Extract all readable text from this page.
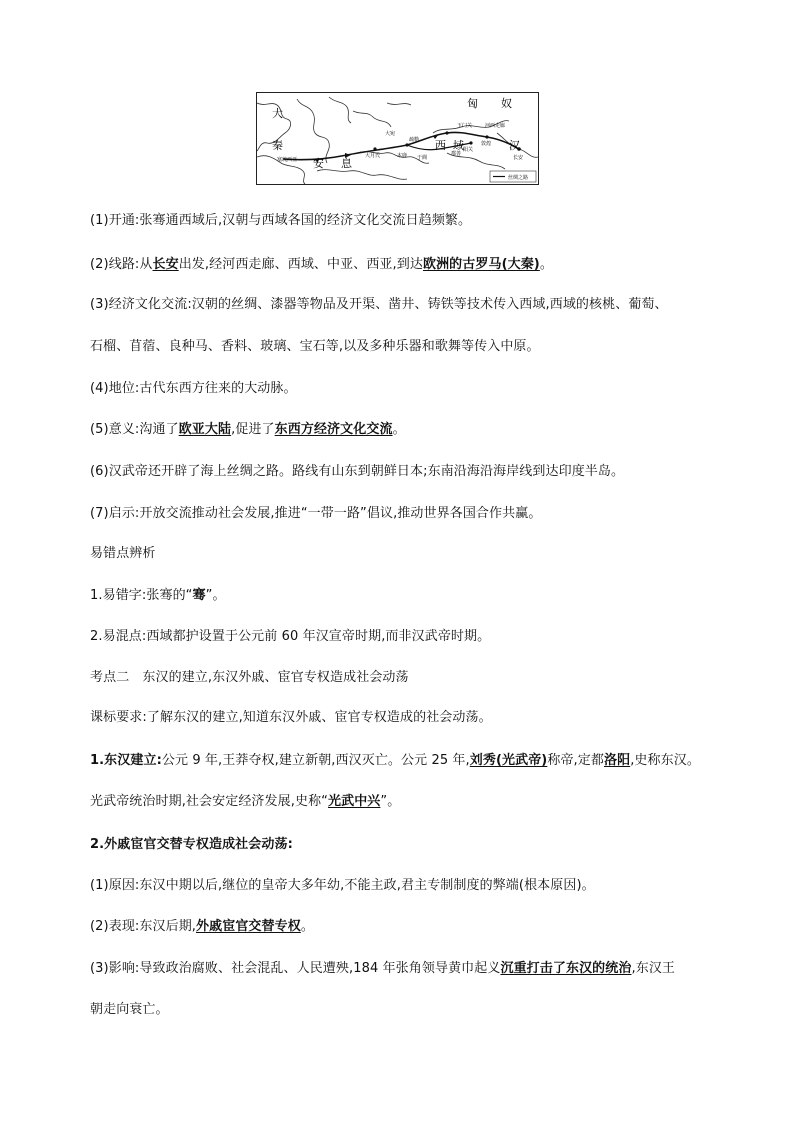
大
秦
安 息
匈 奴
西 域	汉
大宛
疏勒
于阗
玉门关	河西走廊
敦煌
阳关
鄯善
长安
大月氏	木鹿
塞琉西亚
丝绸之路
(1)开通:张骞通西域后,汉朝与西域各国的经济文化交流日趋频繁。
(2)线路:从长安出发,经河西走廊、西域、中亚、西亚,到达欧洲的古罗马(大秦)。
(3)经济文化交流:汉朝的丝绸、漆器等物品及开渠、凿井、铸铁等技术传入西域,西域的核桃、葡萄、
石榴、苜蓿、良种马、香料、玻璃、宝石等,以及多种乐器和歌舞等传入中原。
(4)地位:古代东西方往来的大动脉。
(5)意义:沟通了欧亚大陆,促进了东西方经济文化交流。
(6)汉武帝还开辟了海上丝绸之路。路线有山东到朝鲜日本;东南沿海沿海岸线到达印度半岛。
(7)启示:开放交流推动社会发展,推进“一带一路”倡议,推动世界各国合作共赢。
易错点辨析
1.易错字:张骞的“骞”。
2.易混点:西域都护设置于公元前 60 年汉宣帝时期,而非汉武帝时期。
考点二　东汉的建立,东汉外戚、宦官专权造成社会动荡
课标要求:了解东汉的建立,知道东汉外戚、宦官专权造成的社会动荡。
1.东汉建立:公元 9 年,王莽夺权,建立新朝,西汉灭亡。公元 25 年,刘秀(光武帝)称帝,定都洛阳,史称东汉。
光武帝统治时期,社会安定经济发展,史称“光武中兴”。
2.外戚宦官交替专权造成社会动荡:
(1)原因:东汉中期以后,继位的皇帝大多年幼,不能主政,君主专制制度的弊端(根本原因)。
(2)表现:东汉后期,外戚宦官交替专权。
(3)影响:导致政治腐败、社会混乱、人民遭殃,184 年张角领导黄巾起义沉重打击了东汉的统治,东汉王
朝走向衰亡。
